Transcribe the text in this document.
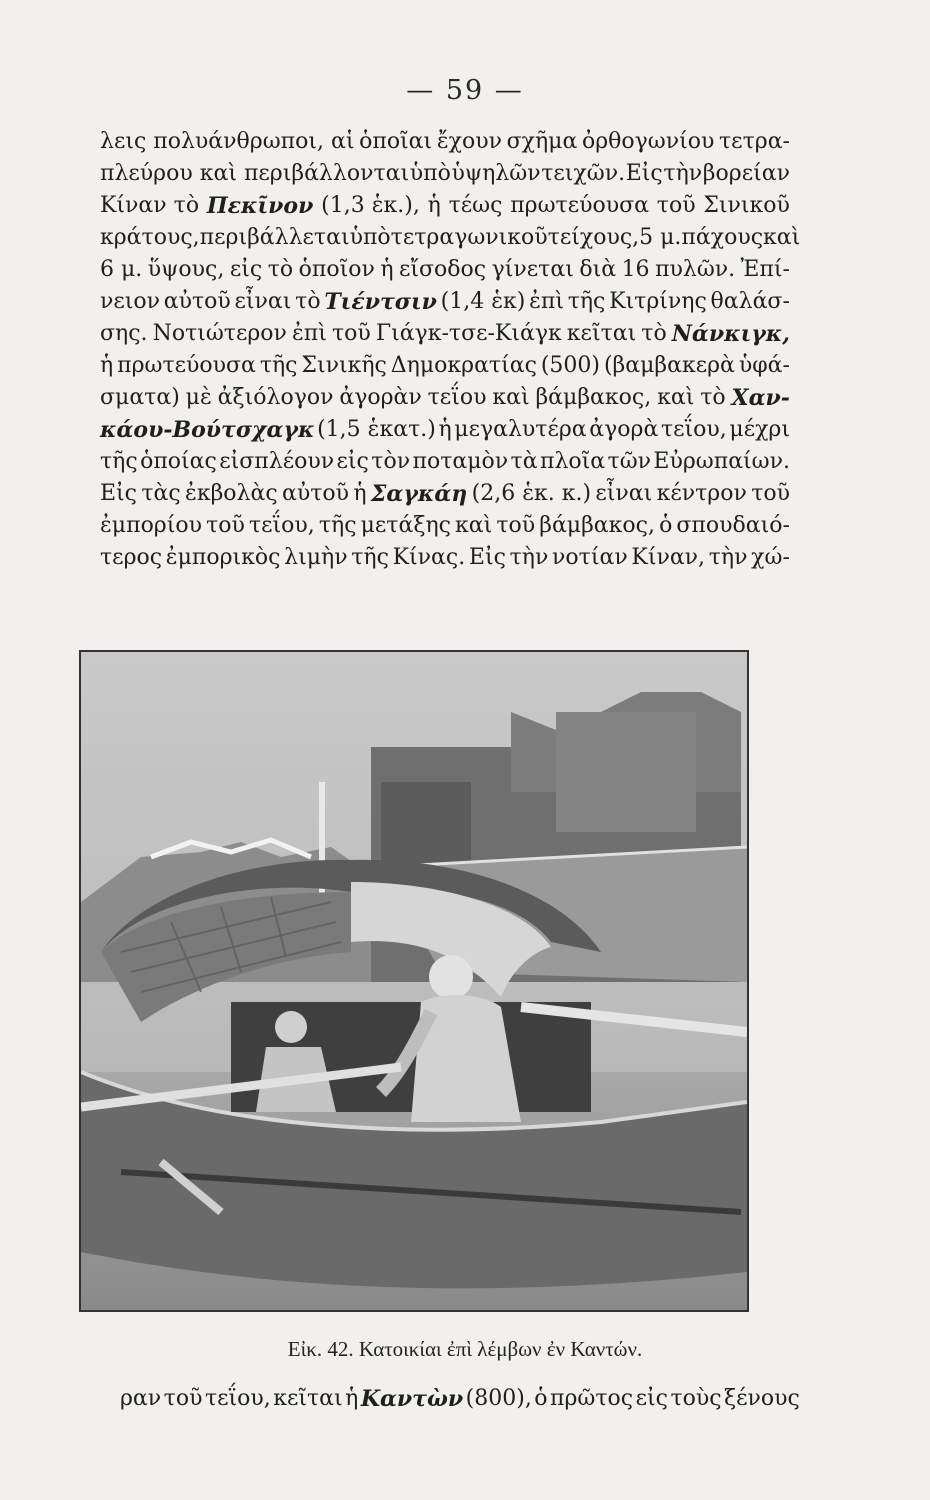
— 59 —
λεις πολυάνθρωποι, αἱ ὁποῖαι ἔχουν σχῆμα ὀρθογωνίου τετρα-
πλεύρου καὶ περιβάλλονται ὑπὸ ὑψηλῶν τειχῶν. Εἰς τὴν βορείαν
Κίναν τὸ Πεκῖνον (1,3 ἑκ.), ἡ τέως πρωτεύουσα τοῦ Σινικοῦ
κράτους, περιβάλλεται ὑπὸ τετραγωνικοῦ τείχους, 5 μ. πάχους καὶ
6 μ. ὕψους, εἰς τὸ ὁποῖον ἡ εἴσοδος γίνεται διὰ 16 πυλῶν. Ἐπί-
νειον αὐτοῦ εἶναι τὸ Τιέντσιν (1,4 ἑκ) ἐπὶ τῆς Κιτρίνης θαλάσ-
σης. Νοτιώτερον ἐπὶ τοῦ Γιάγκ-τσε-Κιάγκ κεῖται τὸ Νάνκιγκ,
ἡ πρωτεύουσα τῆς Σινικῆς Δημοκρατίας (500) (βαμβακερὰ ὑφά-
σματα) μὲ ἀξιόλογον ἀγορὰν τεΐου καὶ βάμβακος, καὶ τὸ Χαν-
κάου-Βούτσχαγκ (1,5 ἑκατ.) ἡ μεγαλυτέρα ἀγορὰ τεΐου, μέχρι
τῆς ὁποίας εἰσπλέουν εἰς τὸν ποταμὸν τὰ πλοῖα τῶν Εὐρωπαίων.
Εἰς τὰς ἐκβολὰς αὐτοῦ ἡ Σαγκάη (2,6 ἑκ. κ.) εἶναι κέντρον τοῦ
ἐμπορίου τοῦ τεΐου, τῆς μετάξης καὶ τοῦ βάμβακος, ὁ σπουδαιό-
τερος ἐμπορικὸς λιμὴν τῆς Κίνας. Εἰς τὴν νοτίαν Κίναν, τὴν χώ-
Εἰκ. 42. Κατοικίαι ἐπὶ λέμβων ἐν Καντών.
ραν τοῦ τεΐου, κεῖται ἡ Καντὼν (800), ὁ πρῶτος εἰς τοὺς ξένους
